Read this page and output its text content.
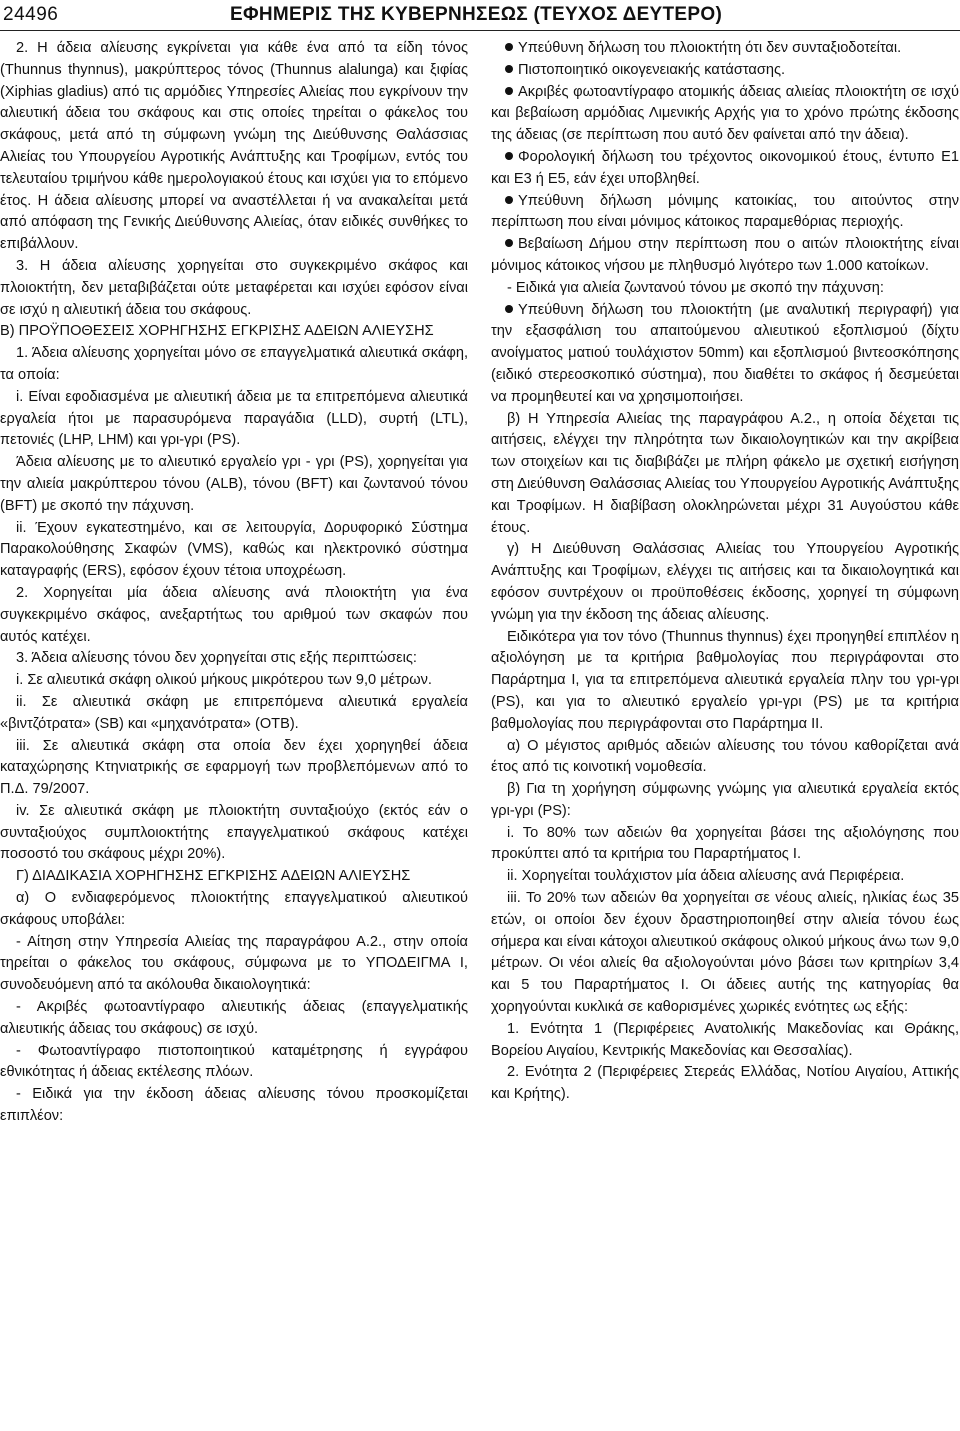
24496	ΕΦΗΜΕΡΙΣ ΤΗΣ ΚΥΒΕΡΝΗΣΕΩΣ (ΤΕΥΧΟΣ ΔΕΥΤΕΡΟ)

2. Η άδεια αλίευσης εγκρίνεται για κάθε ένα από τα είδη τόνος (Thunnus thynnus), μακρύπτερος τόνος (Thunnus alalunga) και ξιφίας (Xiphias gladius) από τις αρμόδιες Υπηρεσίες Αλιείας που εγκρίνουν την αλιευτική άδεια του σκάφους και στις οποίες τηρείται ο φάκελος του σκάφους, μετά από τη σύμφωνη γνώμη της Διεύθυνσης Θαλάσσιας Αλιείας του Υπουργείου Αγροτικής Ανάπτυξης και Τροφίμων, εντός του τελευταίου τριμήνου κάθε ημερολογιακού έτους και ισχύει για το επόμενο έτος. Η άδεια αλίευσης μπορεί να αναστέλλεται ή να ανακαλείται μετά από απόφαση της Γενικής Διεύθυνσης Αλιείας, όταν ειδικές συνθήκες το επιβάλλουν.

3. Η άδεια αλίευσης χορηγείται στο συγκεκριμένο σκάφος και πλοιοκτήτη, δεν μεταβιβάζεται ούτε μεταφέρεται και ισχύει εφόσον είναι σε ισχύ η αλιευτική άδεια του σκάφους.

Β) ΠΡΟΫΠΟΘΕΣΕΙΣ ΧΟΡΗΓΗΣΗΣ ΕΓΚΡΙΣΗΣ ΑΔΕΙΩΝ ΑΛΙΕΥΣΗΣ

1. Άδεια αλίευσης χορηγείται μόνο σε επαγγελματικά αλιευτικά σκάφη, τα οποία:

i. Είναι εφοδιασμένα με αλιευτική άδεια με τα επιτρεπόμενα αλιευτικά εργαλεία ήτοι με παρασυρόμενα παραγάδια (LLD), συρτή (LTL), πετονιές (LHP, LHM) και γρι-γρι (PS).

Άδεια αλίευσης με το αλιευτικό εργαλείο γρι - γρι (PS), χορηγείται για την αλιεία μακρύπτερου τόνου (ALB), τόνου (BFT) και ζωντανού τόνου (BFT) με σκοπό την πάχυνση.

ii. Έχουν εγκατεστημένο, και σε λειτουργία, Δορυφορικό Σύστημα Παρακολούθησης Σκαφών (VMS), καθώς και ηλεκτρονικό σύστημα καταγραφής (ERS), εφόσον έχουν τέτοια υποχρέωση.

2. Χορηγείται μία άδεια αλίευσης ανά πλοιοκτήτη για ένα συγκεκριμένο σκάφος, ανεξαρτήτως του αριθμού των σκαφών που αυτός κατέχει.

3. Άδεια αλίευσης τόνου δεν χορηγείται στις εξής περιπτώσεις:

i. Σε αλιευτικά σκάφη ολικού μήκους μικρότερου των 9,0 μέτρων.

ii. Σε αλιευτικά σκάφη με επιτρεπόμενα αλιευτικά εργαλεία «βιντζότρατα» (SB) και «μηχανότρατα» (OTB).

iii. Σε αλιευτικά σκάφη στα οποία δεν έχει χορηγηθεί άδεια καταχώρησης Κτηνιατρικής σε εφαρμογή των προβλεπόμενων από το Π.Δ. 79/2007.

iv. Σε αλιευτικά σκάφη με πλοιοκτήτη συνταξιούχο (εκτός εάν ο συνταξιούχος συμπλοιοκτήτης επαγγελματικού σκάφους κατέχει ποσοστό του σκάφους μέχρι 20%).

Γ) ΔΙΑΔΙΚΑΣΙΑ ΧΟΡΗΓΗΣΗΣ ΕΓΚΡΙΣΗΣ ΑΔΕΙΩΝ ΑΛΙΕΥΣΗΣ

α) Ο ενδιαφερόμενος πλοιοκτήτης επαγγελματικού αλιευτικού σκάφους υποβάλει:

- Αίτηση στην Υπηρεσία Αλιείας της παραγράφου Α.2., στην οποία τηρείται ο φάκελος του σκάφους, σύμφωνα με το ΥΠΟΔΕΙΓΜΑ Ι, συνοδευόμενη από τα ακόλουθα δικαιολογητικά:

- Ακριβές φωτοαντίγραφο αλιευτικής άδειας (επαγγελματικής αλιευτικής άδειας του σκάφους) σε ισχύ.

- Φωτοαντίγραφο πιστοποιητικού καταμέτρησης ή εγγράφου εθνικότητας ή άδειας εκτέλεσης πλόων.

- Ειδικά για την έκδοση άδειας αλίευσης τόνου προσκομίζεται επιπλέον:

Υπεύθυνη δήλωση του πλοιοκτήτη ότι δεν συνταξιοδοτείται.

Πιστοποιητικό οικογενειακής κατάστασης.

Ακριβές φωτοαντίγραφο ατομικής άδειας αλιείας πλοιοκτήτη σε ισχύ και βεβαίωση αρμόδιας Λιμενικής Αρχής για το χρόνο πρώτης έκδοσης της άδειας (σε περίπτωση που αυτό δεν φαίνεται από την άδεια).

Φορολογική δήλωση του τρέχοντος οικονομικού έτους, έντυπο Ε1 και Ε3 ή Ε5, εάν έχει υποβληθεί.

Υπεύθυνη δήλωση μόνιμης κατοικίας, του αιτούντος στην περίπτωση που είναι μόνιμος κάτοικος παραμεθόριας περιοχής.

Βεβαίωση Δήμου στην περίπτωση που ο αιτών πλοιοκτήτης είναι μόνιμος κάτοικος νήσου με πληθυσμό λιγότερο των 1.000 κατοίκων.

- Ειδικά για αλιεία ζωντανού τόνου με σκοπό την πάχυνση:

Υπεύθυνη δήλωση του πλοιοκτήτη (με αναλυτική περιγραφή) για την εξασφάλιση του απαιτούμενου αλιευτικού εξοπλισμού (δίχτυ ανοίγματος ματιού τουλάχιστον 50mm) και εξοπλισμού βιντεοσκόπησης (ειδικό στερεοσκοπικό σύστημα), που διαθέτει το σκάφος ή δεσμεύεται να προμηθευτεί και να χρησιμοποιήσει.

β) Η Υπηρεσία Αλιείας της παραγράφου Α.2., η οποία δέχεται τις αιτήσεις, ελέγχει την πληρότητα των δικαιολογητικών και την ακρίβεια των στοιχείων και τις διαβιβάζει με πλήρη φάκελο με σχετική εισήγηση στη Διεύθυνση Θαλάσσιας Αλιείας του Υπουργείου Αγροτικής Ανάπτυξης και Τροφίμων. Η διαβίβαση ολοκληρώνεται μέχρι 31 Αυγούστου κάθε έτους.

γ) Η Διεύθυνση Θαλάσσιας Αλιείας του Υπουργείου Αγροτικής Ανάπτυξης και Τροφίμων, ελέγχει τις αιτήσεις και τα δικαιολογητικά και εφόσον συντρέχουν οι προϋποθέσεις έκδοσης, χορηγεί τη σύμφωνη γνώμη για την έκδοση της άδειας αλίευσης.

Ειδικότερα για τον τόνο (Thunnus thynnus) έχει προηγηθεί επιπλέον η αξιολόγηση με τα κριτήρια βαθμολογίας που περιγράφονται στο Παράρτημα Ι, για τα επιτρεπόμενα αλιευτικά εργαλεία πλην του γρι-γρι (PS), και για το αλιευτικό εργαλείο γρι-γρι (PS) με τα κριτήρια βαθμολογίας που περιγράφονται στο Παράρτημα ΙΙ.

α) Ο μέγιστος αριθμός αδειών αλίευσης του τόνου καθορίζεται ανά έτος από τις κοινοτική νομοθεσία.

β) Για τη χορήγηση σύμφωνης γνώμης για αλιευτικά εργαλεία εκτός γρι-γρι (PS):

i. Το 80% των αδειών θα χορηγείται βάσει της αξιολόγησης που προκύπτει από τα κριτήρια του Παραρτήματος Ι.

ii. Χορηγείται τουλάχιστον μία άδεια αλίευσης ανά Περιφέρεια.

iii. Το 20% των αδειών θα χορηγείται σε νέους αλιείς, ηλικίας έως 35 ετών, οι οποίοι δεν έχουν δραστηριοποιηθεί στην αλιεία τόνου έως σήμερα και είναι κάτοχοι αλιευτικού σκάφους ολικού μήκους άνω των 9,0 μέτρων. Οι νέοι αλιείς θα αξιολογούνται μόνο βάσει των κριτηρίων 3,4 και 5 του Παραρτήματος Ι. Οι άδειες αυτής της κατηγορίας θα χορηγούνται κυκλικά σε καθορισμένες χωρικές ενότητες ως εξής:

1. Ενότητα 1 (Περιφέρειες Ανατολικής Μακεδονίας και Θράκης, Βορείου Αιγαίου, Κεντρικής Μακεδονίας και Θεσσαλίας).

2. Ενότητα 2 (Περιφέρειες Στερεάς Ελλάδας, Νοτίου Αιγαίου, Αττικής και Κρήτης).
